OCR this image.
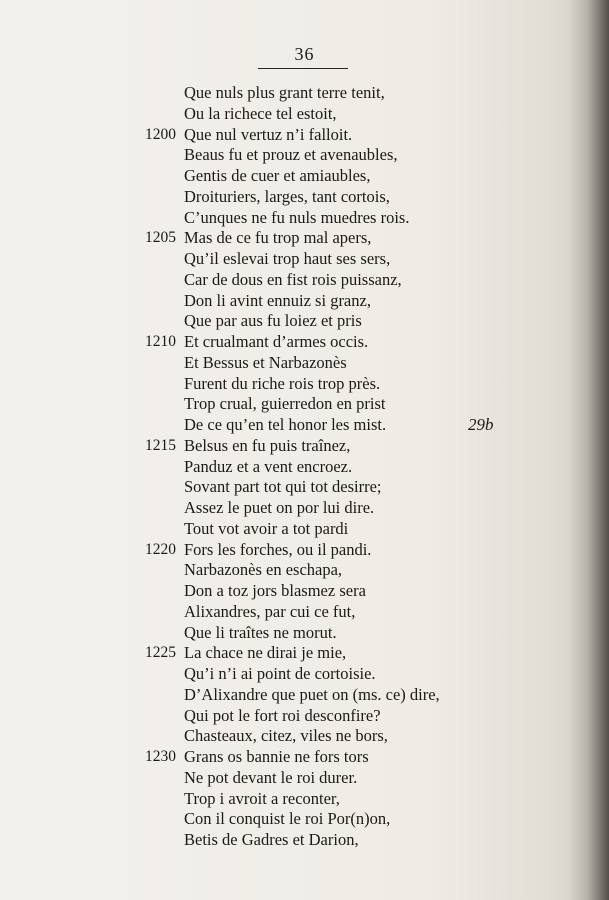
36
Que nuls plus grant terre tenit,
Ou la richece tel estoit,
1200 Que nul vertuz n’i falloit.
Beaus fu et prouz et avenaubles,
Gentis de cuer et amiaubles,
Droituriers, larges, tant cortois,
C’unques ne fu nuls muedres rois.
1205 Mas de ce fu trop mal apers,
Qu’il eslevai trop haut ses sers,
Car de dous en fist rois puissanz,
Don li avint ennuiz si granz,
Que par aus fu loiez et pris
1210 Et crualmant d’armes occis.
Et Bessus et Narbazonès
Furent du riche rois trop près.
Trop crual, guierredon en prist
De ce qu’en tel honor les mist.
1215 Belsus en fu puis traînez,
Panduz et a vent encroez.
Sovant part tot qui tot desirre;
Assez le puet on por lui dire.
Tout vot avoir a tot pardi
1220 Fors les forches, ou il pandi.
Narbazonès en eschapa,
Don a toz jors blasmez sera
Alixandres, par cui ce fut,
Que li traîtes ne morut.
1225 La chace ne dirai je mie,
Qu’i n’i ai point de cortoisie.
D’Alixandre que puet on (ms. ce) dire,
Qui pot le fort roi desconfire?
Chasteaux, citez, viles ne bors,
1230 Grans os bannie ne fors tors
Ne pot devant le roi durer.
Trop i avroit a reconter,
Con il conquist le roi Por(n)on,
Betis de Gadres et Darion,
29b
